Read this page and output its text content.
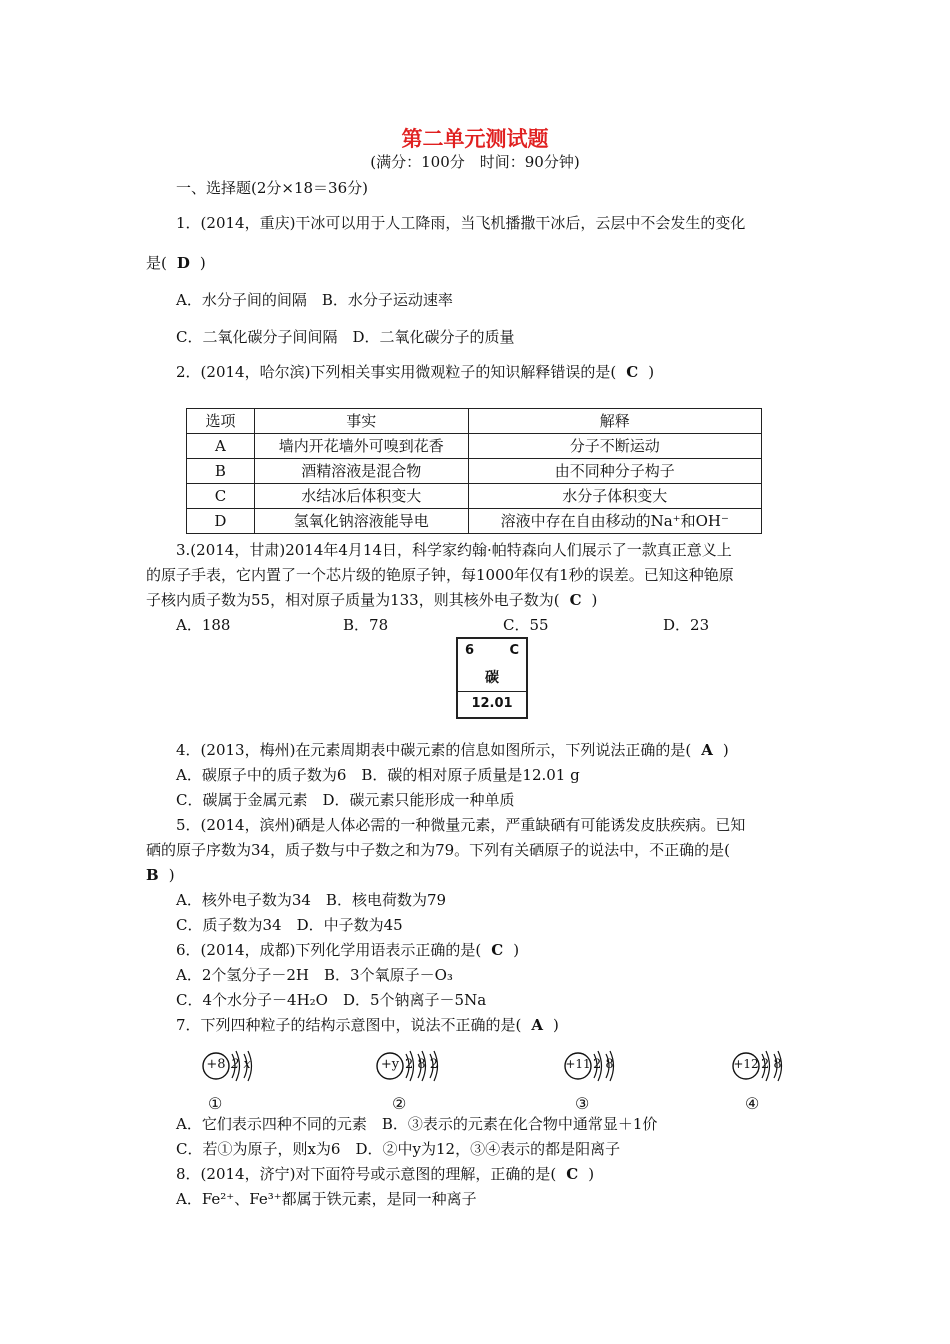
第二单元测试题
(满分：100分　时间：90分钟)
一、选择题(2分×18＝36分)
1．(2014，重庆)干冰可以用于人工降雨，当飞机播撒干冰后，云层中不会发生的变化
是( D )
A．水分子间的间隔　B．水分子运动速率
C．二氧化碳分子间间隔　D．二氧化碳分子的质量
2．(2014，哈尔滨)下列相关事实用微观粒子的知识解释错误的是( C )
选项	事实	解释
A	墙内开花墙外可嗅到花香	分子不断运动
B	酒精溶液是混合物	由不同种分子构子
C	水结冰后体积变大	水分子体积变大
D	氢氧化钠溶液能导电	溶液中存在自由移动的Na⁺和OH⁻
3.(2014，甘肃)2014年4月14日，科学家约翰·帕特森向人们展示了一款真正意义上
的原子手表，它内置了一个芯片级的铯原子钟，每1000年仅有1秒的误差。已知这种铯原
子核内质子数为55，相对原子质量为133，则其核外电子数为( C )
A．188	B．78	C．55	D．23
6	C
碳
12.01
4．(2013，梅州)在元素周期表中碳元素的信息如图所示，下列说法正确的是( A )
A．碳原子中的质子数为6　B．碳的相对原子质量是12.01 g
C．碳属于金属元素　D．碳元素只能形成一种单质
5．(2014，滨州)硒是人体必需的一种微量元素，严重缺硒有可能诱发皮肤疾病。已知
硒的原子序数为34，质子数与中子数之和为79。下列有关硒原子的说法中，不正确的是(
B )
A．核外电子数为34　B．核电荷数为79
C．质子数为34　D．中子数为45
6．(2014，成都)下列化学用语表示正确的是( C )
A．2个氢分子－2H　B．3个氧原子－O₃
C．4个水分子－4H₂O　D．5个钠离子－5Na
7．下列四种粒子的结构示意图中，说法不正确的是( A )
+8 2 x
①
+y 2 8 2
②
+11 2 8
③
+12 2 8
④
A．它们表示四种不同的元素　B．③表示的元素在化合物中通常显＋1价
C．若①为原子，则x为6　D．②中y为12，③④表示的都是阳离子
8．(2014，济宁)对下面符号或示意图的理解，正确的是( C )
A．Fe²⁺、Fe³⁺都属于铁元素，是同一种离子
